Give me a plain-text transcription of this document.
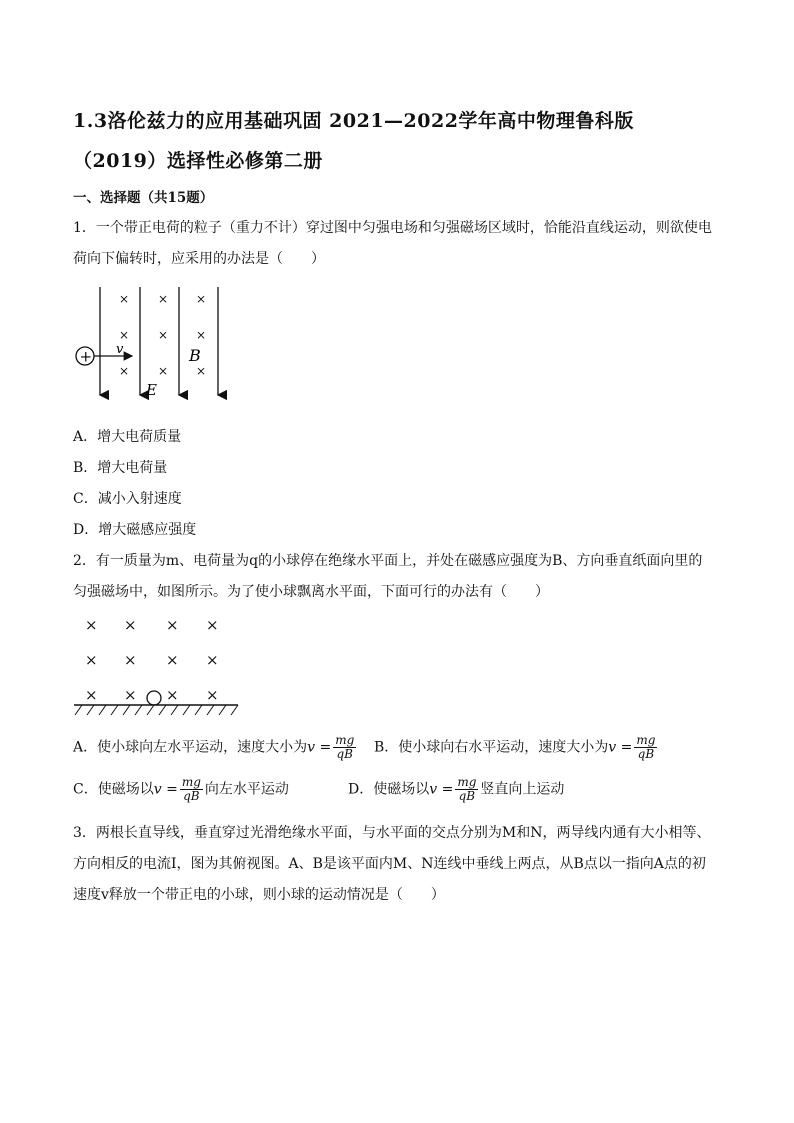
1.3洛伦兹力的应用基础巩固 2021—2022学年高中物理鲁科版
（2019）选择性必修第二册
一、选择题（共15题）
1．一个带正电荷的粒子（重力不计）穿过图中匀强电场和匀强磁场区域时，恰能沿直线运动，则欲使电
荷向下偏转时，应采用的办法是（　　）
× × ×
× × ×
× × ×
+ v	B
E
A．增大电荷质量
B．增大电荷量
C．减小入射速度
D．增大磁感应强度
2．有一质量为m、电荷量为q的小球停在绝缘水平面上，并处在磁感应强度为B、方向垂直纸面向里的
匀强磁场中，如图所示。为了使小球飘离水平面，下面可行的办法有（　　）
× × × ×
× × × ×
× × × ×
A．使小球向左水平运动，速度大小为$v = \frac{mg}{qB}$ B．使小球向右水平运动，速度大小为$v = \frac{mg}{qB}$
C．使磁场以$v = \frac{mg}{qB}$ 向左水平运动	D．使磁场以$v = \frac{mg}{qB}$ 竖直向上运动
3．两根长直导线，垂直穿过光滑绝缘水平面，与水平面的交点分别为M和N，两导线内通有大小相等、
方向相反的电流I，图为其俯视图。A、B是该平面内M、N连线中垂线上两点，从B点以一指向A点的初
速度v释放一个带正电的小球，则小球的运动情况是（　　）
